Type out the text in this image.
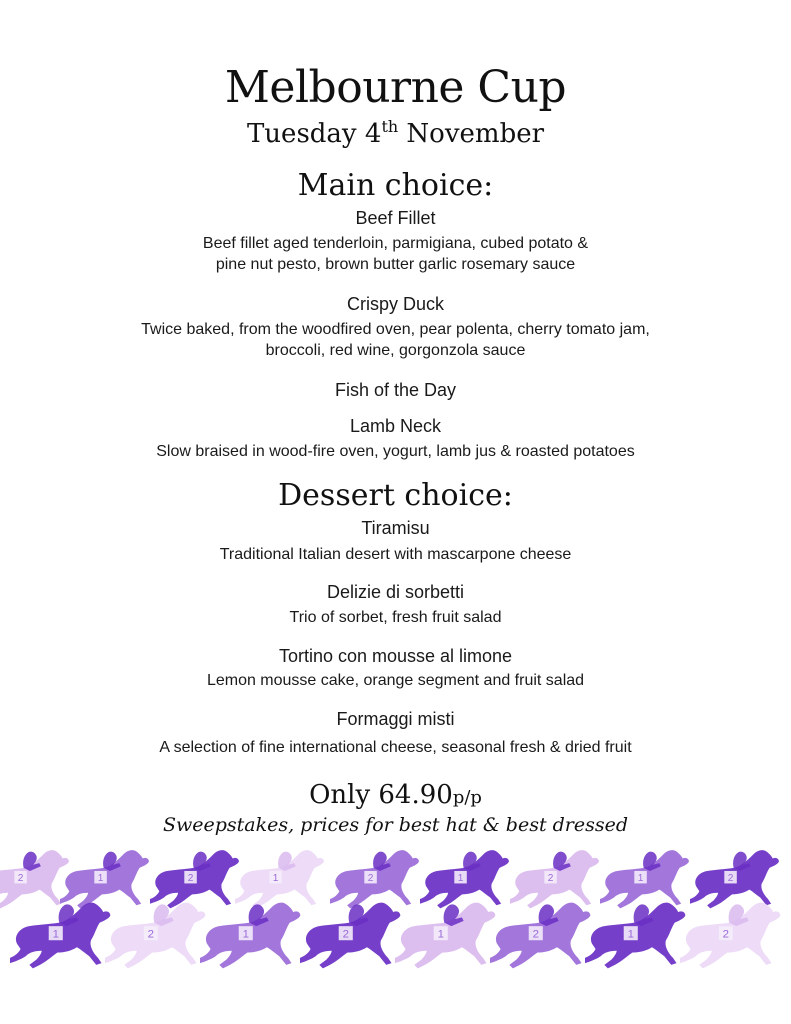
Melbourne Cup
Tuesday 4th November
Main choice:
Beef Fillet
Beef fillet aged tenderloin, parmigiana, cubed potato &
pine nut pesto, brown butter garlic rosemary sauce
Crispy Duck
Twice baked, from the woodfired oven, pear polenta, cherry tomato jam,
broccoli, red wine, gorgonzola sauce
Fish of the Day
Lamb Neck
Slow braised in wood-fire oven, yogurt, lamb jus & roasted potatoes
Dessert choice:
Tiramisu
Traditional Italian desert with mascarpone cheese
Delizie di sorbetti
Trio of sorbet, fresh fruit salad
Tortino con mousse al limone
Lemon mousse cake, orange segment and fruit salad
Formaggi misti
A selection of fine international cheese, seasonal fresh & dried fruit
Only 64.90p/p
Sweepstakes, prices for best hat & best dressed
2	1	2	1	2	1	2	1	2
1	2	1	2	1	2	1	2
